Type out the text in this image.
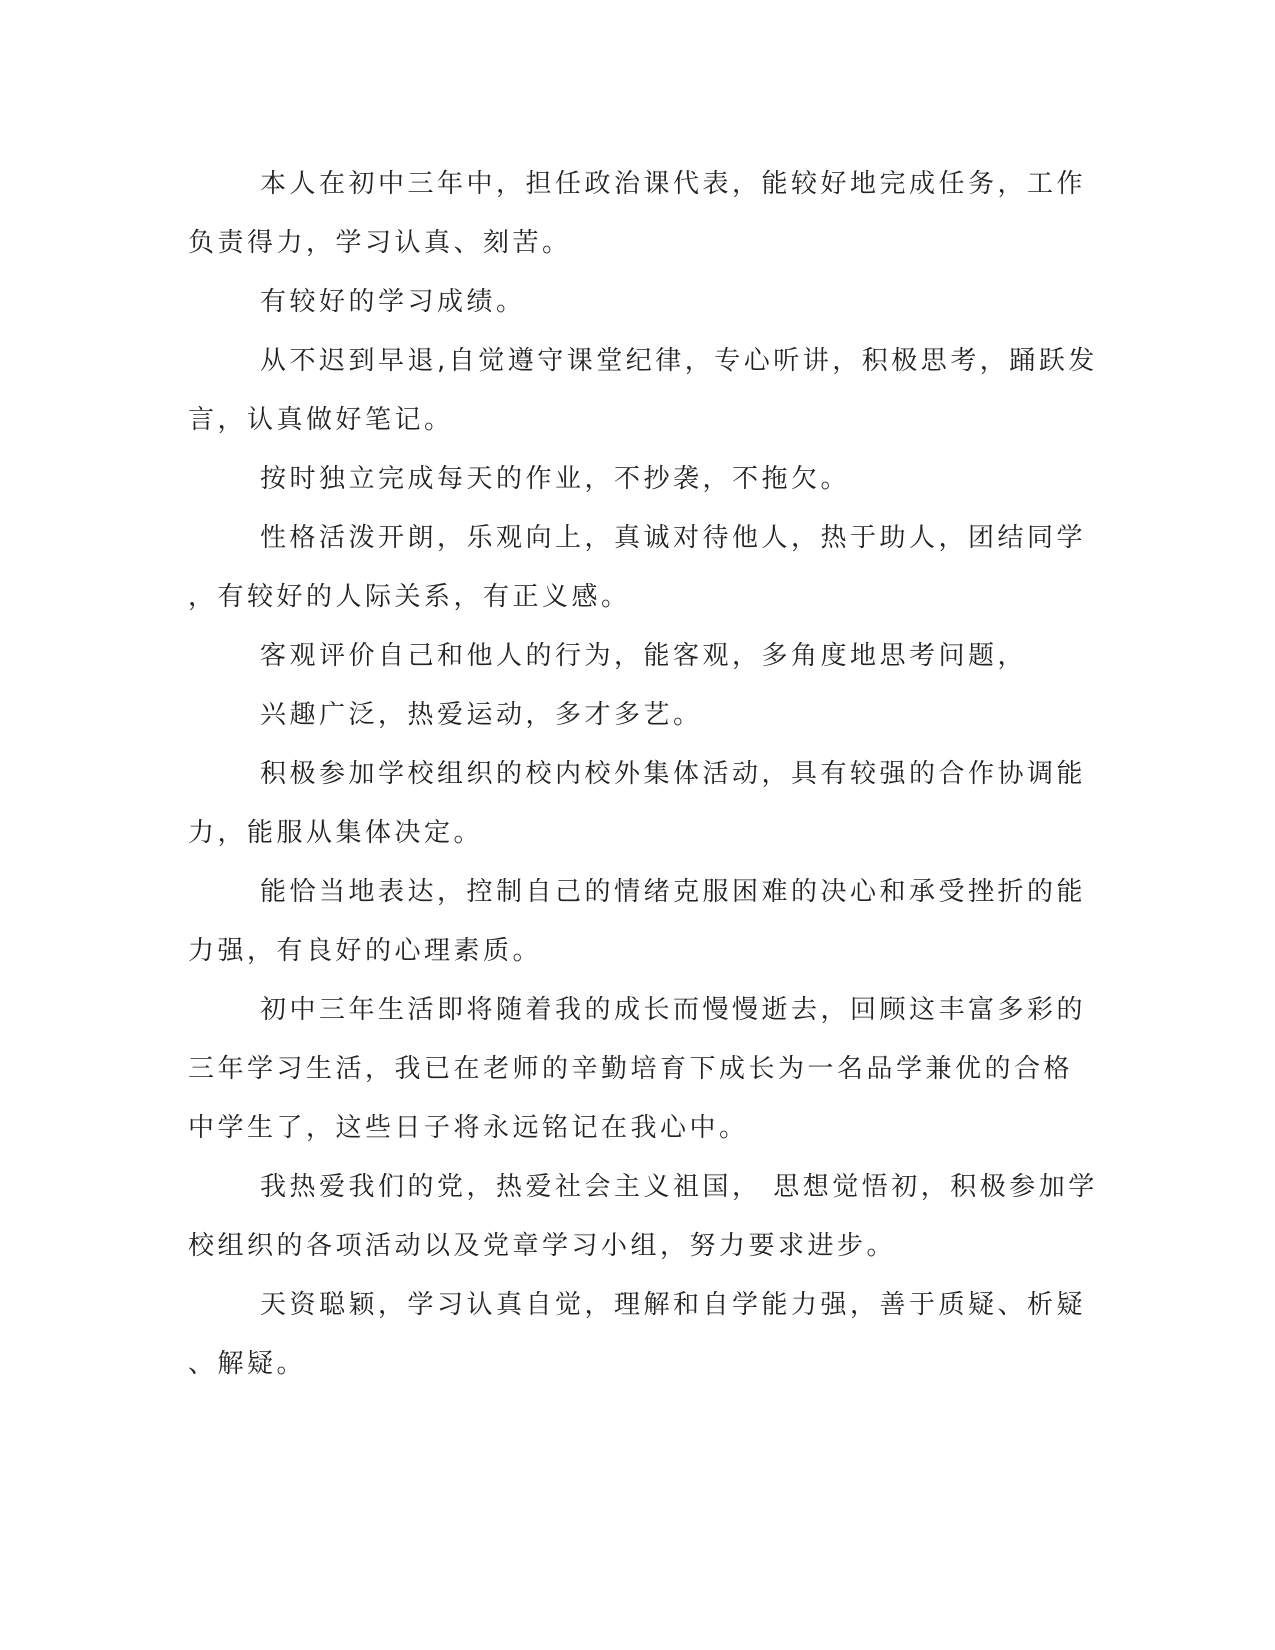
本人在初中三年中，担任政治课代表，能较好地完成任务，工作
负责得力，学习认真、刻苦。

有较好的学习成绩。

从不迟到早退,自觉遵守课堂纪律，专心听讲，积极思考，踊跃发
言，认真做好笔记。

按时独立完成每天的作业，不抄袭，不拖欠。

性格活泼开朗，乐观向上，真诚对待他人，热于助人，团结同学
，有较好的人际关系，有正义感。

客观评价自己和他人的行为，能客观，多角度地思考问题，

兴趣广泛，热爱运动，多才多艺。

积极参加学校组织的校内校外集体活动，具有较强的合作协调能
力，能服从集体决定。

能恰当地表达，控制自己的情绪克服困难的决心和承受挫折的能
力强，有良好的心理素质。

初中三年生活即将随着我的成长而慢慢逝去，回顾这丰富多彩的
三年学习生活，我已在老师的辛勤培育下成长为一名品学兼优的合格
中学生了，这些日子将永远铭记在我心中。

我热爱我们的党，热爱社会主义祖国， 思想觉悟初，积极参加学
校组织的各项活动以及党章学习小组，努力要求进步。

天资聪颖，学习认真自觉，理解和自学能力强，善于质疑、析疑
、解疑。
